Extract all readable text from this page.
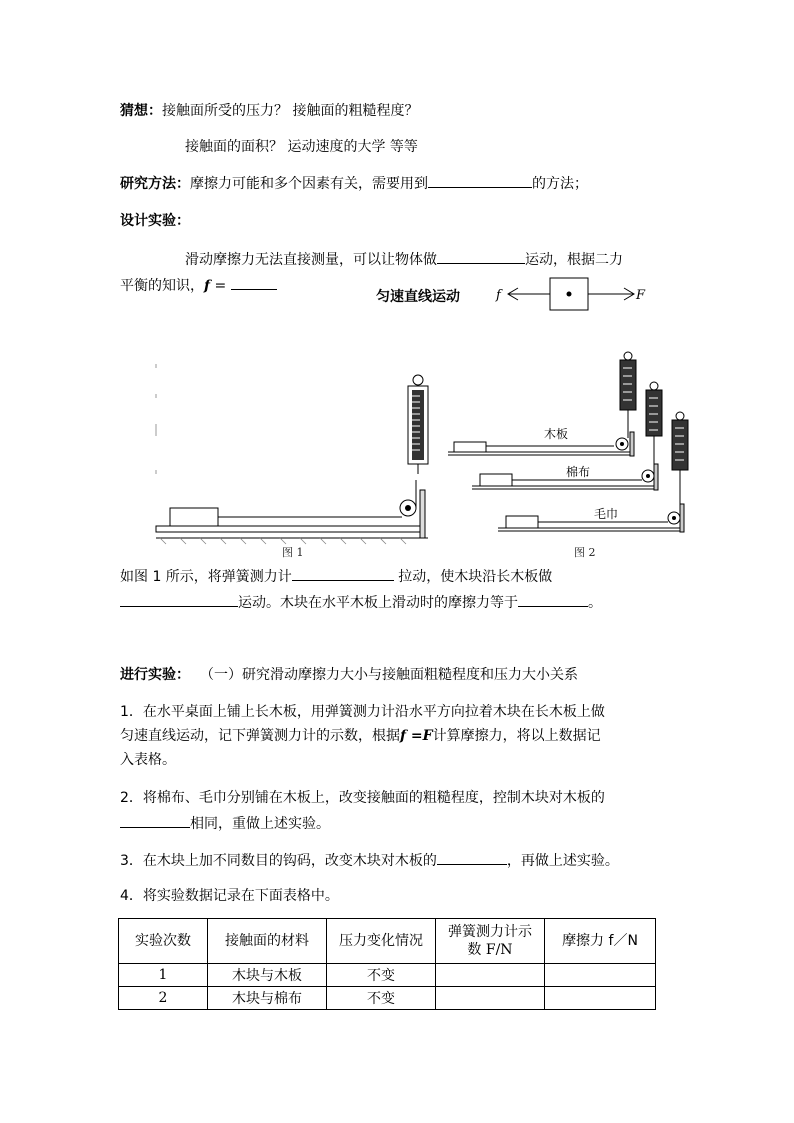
猜想：接触面所受的压力？ 接触面的粗糙程度？
接触面的面积？ 运动速度的大学 等等
研究方法：摩擦力可能和多个因素有关，需要用到	的方法；
设计实验：
滑动摩擦力无法直接测量，可以让物体做	运动，根据二力
平衡的知识，f =
匀速直线运动	f	F
图 1
木板
棉布
毛巾
图 2
如图 1 所示，将弹簧测力计	拉动，使木块沿长木板做
运动。木块在水平木板上滑动时的摩擦力等于	。
进行实验： （一）研究滑动摩擦力大小与接触面粗糙程度和压力大小关系
1．在水平桌面上铺上长木板，用弹簧测力计沿水平方向拉着木块在长木板上做
匀速直线运动，记下弹簧测力计的示数，根据f =F计算摩擦力，将以上数据记
入表格。
2．将棉布、毛巾分别铺在木板上，改变接触面的粗糙程度，控制木块对木板的
相同，重做上述实验。
3．在木块上加不同数目的钩码，改变木块对木板的	，再做上述实验。
4．将实验数据记录在下面表格中。
实验次数	接触面的材料	压力变化情况	弹簧测力计示
数 F/N	摩擦力 f／N
1	木块与木板	不变		
2	木块与棉布	不变		
